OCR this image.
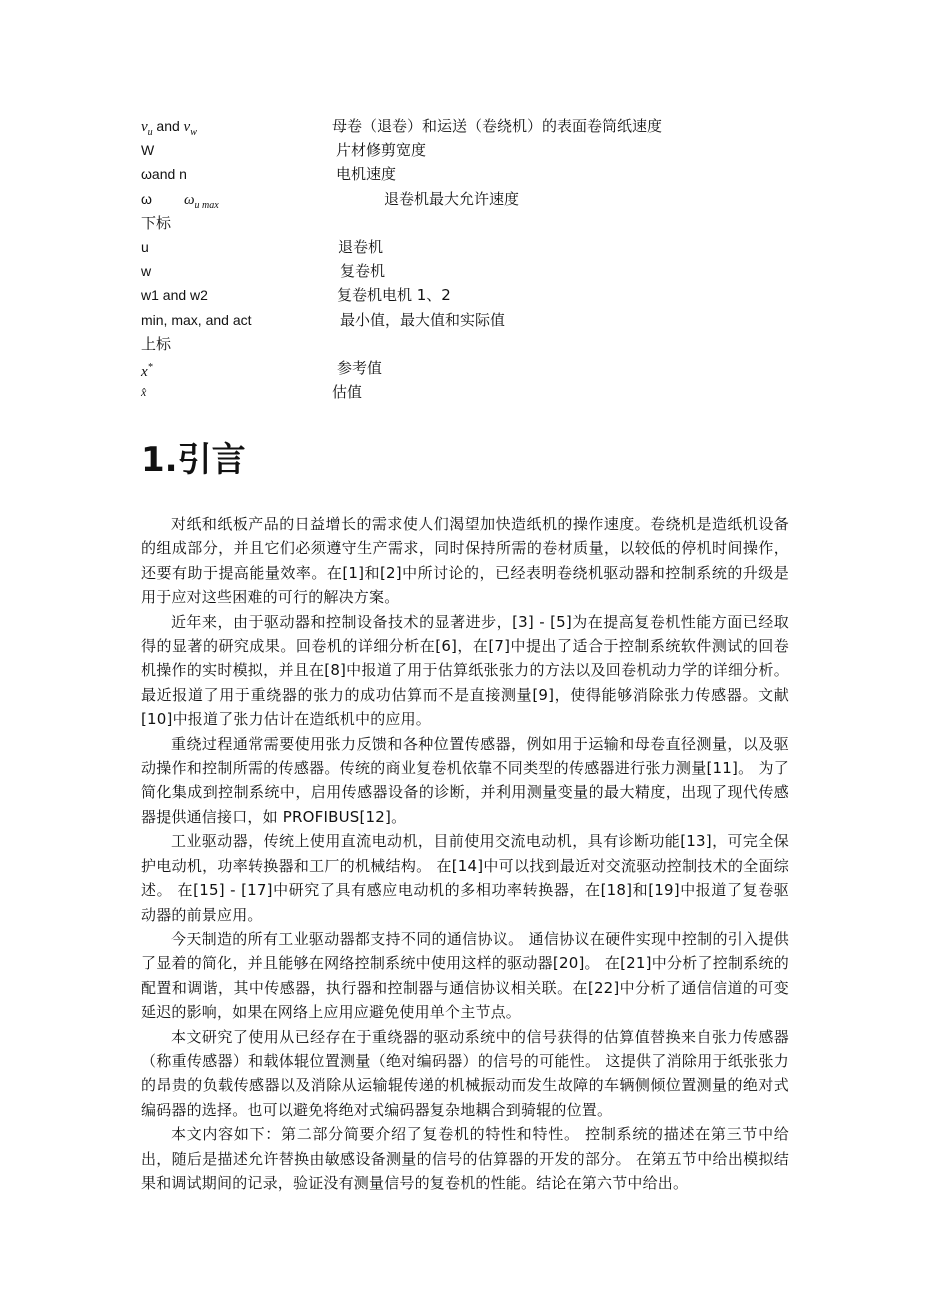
$v_u$ and $v_w$	母卷（退卷）和运送（卷绕机）的表面卷筒纸速度
W	片材修剪宽度
ωand n	电机速度
ω $\omega_{u max}$	退卷机最大允许速度
下标
u	退卷机
w	复卷机
w1 and w2	复卷机电机 1、2
min, max, and act	最小值，最大值和实际值
上标
x*	参考值
x̂	估值
1.引言

对纸和纸板产品的日益增长的需求使人们渴望加快造纸机的操作速度。卷绕机是造纸机设备的组成部分，并且它们必须遵守生产需求，同时保持所需的卷材质量，以较低的停机时间操作，还要有助于提高能量效率。在[1]和[2]中所讨论的，已经表明卷绕机驱动器和控制系统的升级是用于应对这些困难的可行的解决方案。

近年来，由于驱动器和控制设备技术的显著进步，[3] - [5]为在提高复卷机性能方面已经取得的显著的研究成果。回卷机的详细分析在[6]，在[7]中提出了适合于控制系统软件测试的回卷机操作的实时模拟，并且在[8]中报道了用于估算纸张张力的方法以及回卷机动力学的详细分析。最近报道了用于重绕器的张力的成功估算而不是直接测量[9]，使得能够消除张力传感器。文献[10]中报道了张力估计在造纸机中的应用。

重绕过程通常需要使用张力反馈和各种位置传感器，例如用于运输和母卷直径测量，以及驱动操作和控制所需的传感器。传统的商业复卷机依靠不同类型的传感器进行张力测量[11]。 为了简化集成到控制系统中，启用传感器设备的诊断，并利用测量变量的最大精度，出现了现代传感器提供通信接口，如 PROFIBUS[12]。

工业驱动器，传统上使用直流电动机，目前使用交流电动机，具有诊断功能[13]，可完全保护电动机，功率转换器和工厂的机械结构。 在[14]中可以找到最近对交流驱动控制技术的全面综述。 在[15] - [17]中研究了具有感应电动机的多相功率转换器，在[18]和[19]中报道了复卷驱动器的前景应用。

今天制造的所有工业驱动器都支持不同的通信协议。 通信协议在硬件实现中控制的引入提供了显着的简化，并且能够在网络控制系统中使用这样的驱动器[20]。 在[21]中分析了控制系统的配置和调谐，其中传感器，执行器和控制器与通信协议相关联。在[22]中分析了通信信道的可变延迟的影响，如果在网络上应用应避免使用单个主节点。

本文研究了使用从已经存在于重绕器的驱动系统中的信号获得的估算值替换来自张力传感器（称重传感器）和载体辊位置测量（绝对编码器）的信号的可能性。 这提供了消除用于纸张张力的昂贵的负载传感器以及消除从运输辊传递的机械振动而发生故障的车辆侧倾位置测量的绝对式编码器的选择。也可以避免将绝对式编码器复杂地耦合到骑辊的位置。

本文内容如下：第二部分简要介绍了复卷机的特性和特性。 控制系统的描述在第三节中给出，随后是描述允许替换由敏感设备测量的信号的估算器的开发的部分。 在第五节中给出模拟结果和调试期间的记录，验证没有测量信号的复卷机的性能。结论在第六节中给出。
